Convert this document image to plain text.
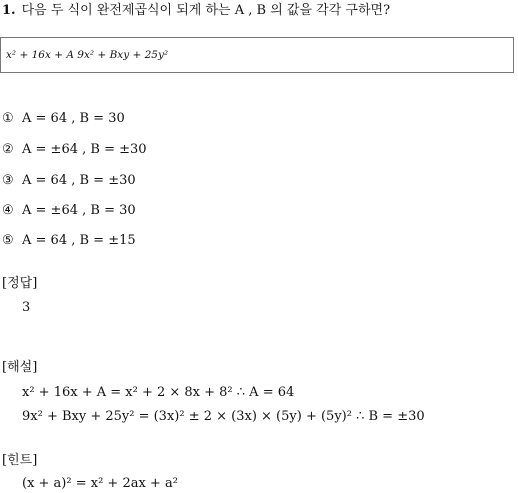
1. 다음 두 식이 완전제곱식이 되게 하는 A , B 의 값을 각각 구하면?
x² + 16x + A 9x² + Bxy + 25y²
① A = 64 , B = 30
② A = ±64 , B = ±30
③ A = 64 , B = ±30
④ A = ±64 , B = 30
⑤ A = 64 , B = ±15
[정답]
3
[해설]
x² + 16x + A = x² + 2 × 8x + 8² ∴ A = 64
9x² + Bxy + 25y² = (3x)² ± 2 × (3x) × (5y) + (5y)² ∴ B = ±30
[힌트]
(x + a)² = x² + 2ax + a²
